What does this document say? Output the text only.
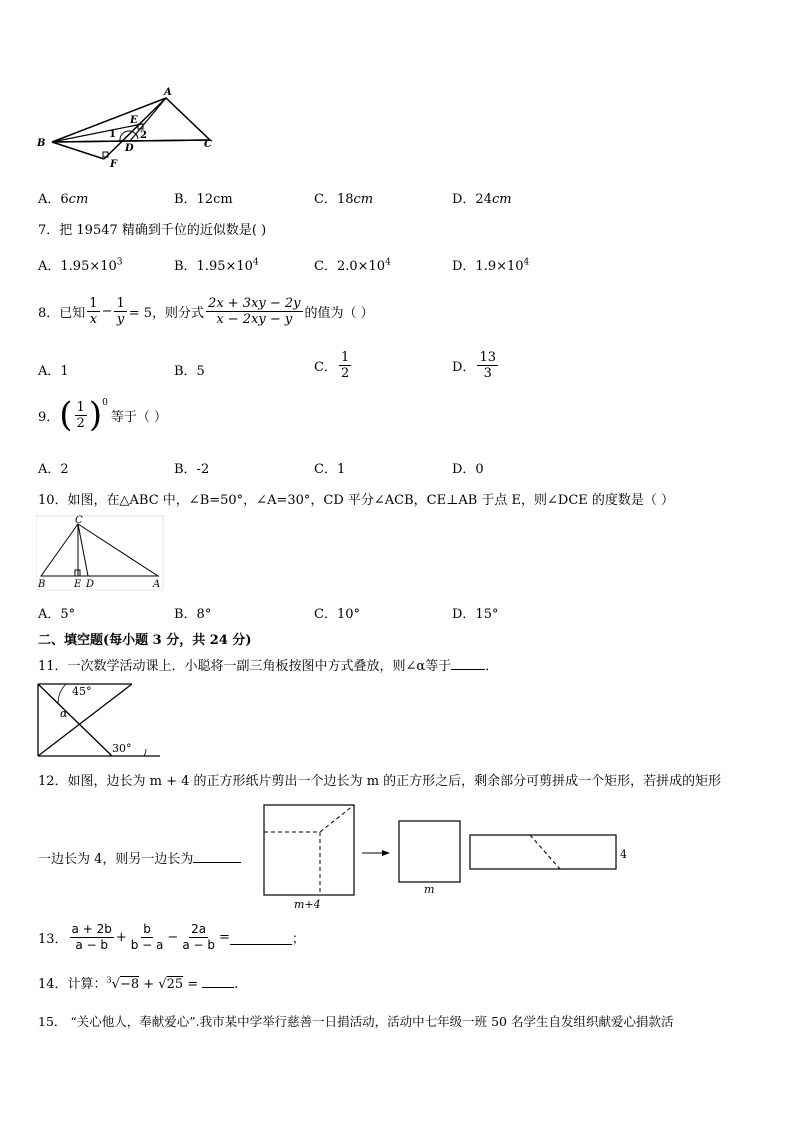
A
B	C
D
E
F
1 2
A．6cm	B．12cm	C．18cm	D．24cm
7．把 19547 精确到千位的近似数是( )
A．$1.95\times 10^3$	B．$1.95\times 10^4$	C．$2.0\times 10^4$	D．$1.9\times 10^4$
8．已知 $\frac{1}{x} - \frac{1}{y} = 5$，则分式 $\frac{2x + 3xy - 2y}{x - 2xy - y}$ 的值为（ ）
A．1	B．5	C． $\frac{1}{2}$	D． $\frac{13}{3}$
9． ( $\frac{1}{2} )^0$
等于（ ）
A．2	B．-2	C．1	D．0
10．如图，在△ABC 中，∠B=50°，∠A=30°，CD 平分∠ACB，CE⊥AB 于点 E，则∠DCE 的度数是（ ）
C
B	E D	A
A．5°	B．8°	C．10°	D．15°
二、填空题(每小题 3 分，共 24 分)
11．一次数学活动课上．小聪将一副三角板按图中方式叠放，则∠α等于	．
45°
α
30°
12．如图，边长为 m + 4 的正方形纸片剪出一个边长为 m 的正方形之后，剩余部分可剪拼成一个矩形，若拼成的矩形
一边长为 4，则另一边长为
m+4
m
4
13． $\frac{a + 2b}{a - b} + \frac{b}{b - a} - \frac{2a}{a - b}$ =	；
14．计算：$^3$√−8 + √25 = .
15． “关心他人，奉献爱心”.我市某中学举行慈善一日捐活动，活动中七年级一班 50 名学生自发组织献爱心捐款活
